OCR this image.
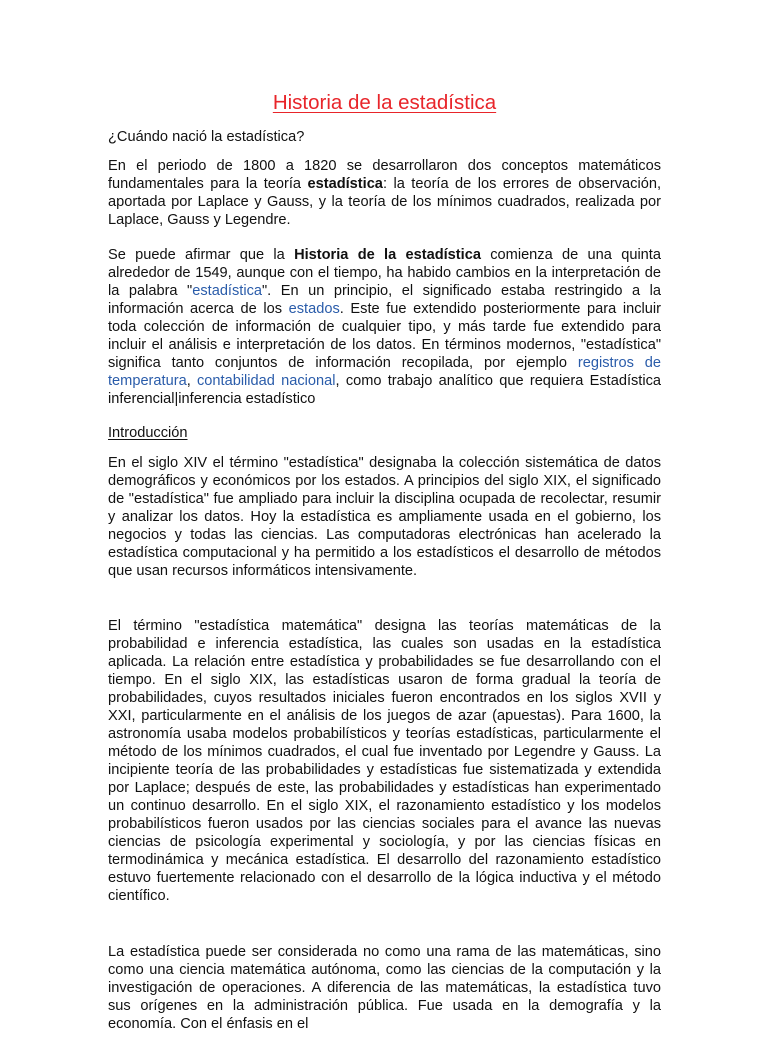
Historia de la estadística

¿Cuándo nació la estadística?

En el periodo de 1800 a 1820 se desarrollaron dos conceptos matemáticos fundamentales para la teoría estadística: la teoría de los errores de observación, aportada por Laplace y Gauss, y la teoría de los mínimos cuadrados, realizada por Laplace, Gauss y Legendre.

Se puede afirmar que la Historia de la estadística comienza de una quinta alrededor de 1549, aunque con el tiempo, ha habido cambios en la interpretación de la palabra "estadística". En un principio, el significado estaba restringido a la información acerca de los estados. Este fue extendido posteriormente para incluir toda colección de información de cualquier tipo, y más tarde fue extendido para incluir el análisis e interpretación de los datos. En términos modernos, "estadística" significa tanto conjuntos de información recopilada, por ejemplo registros de temperatura, contabilidad nacional, como trabajo analítico que requiera Estadística inferencial|inferencia estadístico

Introducción

En el siglo XIV el término "estadística" designaba la colección sistemática de datos demográficos y económicos por los estados. A principios del siglo XIX, el significado de "estadística" fue ampliado para incluir la disciplina ocupada de recolectar, resumir y analizar los datos. Hoy la estadística es ampliamente usada en el gobierno, los negocios y todas las ciencias. Las computadoras electrónicas han acelerado la estadística computacional y ha permitido a los estadísticos el desarrollo de métodos que usan recursos informáticos intensivamente.

El término "estadística matemática" designa las teorías matemáticas de la probabilidad e inferencia estadística, las cuales son usadas en la estadística aplicada. La relación entre estadística y probabilidades se fue desarrollando con el tiempo. En el siglo XIX, las estadísticas usaron de forma gradual la teoría de probabilidades, cuyos resultados iniciales fueron encontrados en los siglos XVII y XXI, particularmente en el análisis de los juegos de azar (apuestas). Para 1600, la astronomía usaba modelos probabilísticos y teorías estadísticas, particularmente el método de los mínimos cuadrados, el cual fue inventado por Legendre y Gauss. La incipiente teoría de las probabilidades y estadísticas fue sistematizada y extendida por Laplace; después de este, las probabilidades y estadísticas han experimentado un continuo desarrollo. En el siglo XIX, el razonamiento estadístico y los modelos probabilísticos fueron usados por las ciencias sociales para el avance las nuevas ciencias de psicología experimental y sociología, y por las ciencias físicas en termodinámica y mecánica estadística. El desarrollo del razonamiento estadístico estuvo fuertemente relacionado con el desarrollo de la lógica inductiva y el método científico.

La estadística puede ser considerada no como una rama de las matemáticas, sino como una ciencia matemática autónoma, como las ciencias de la computación y la investigación de operaciones. A diferencia de las matemáticas, la estadística tuvo sus orígenes en la administración pública. Fue usada en la demografía y la economía. Con el énfasis en el
